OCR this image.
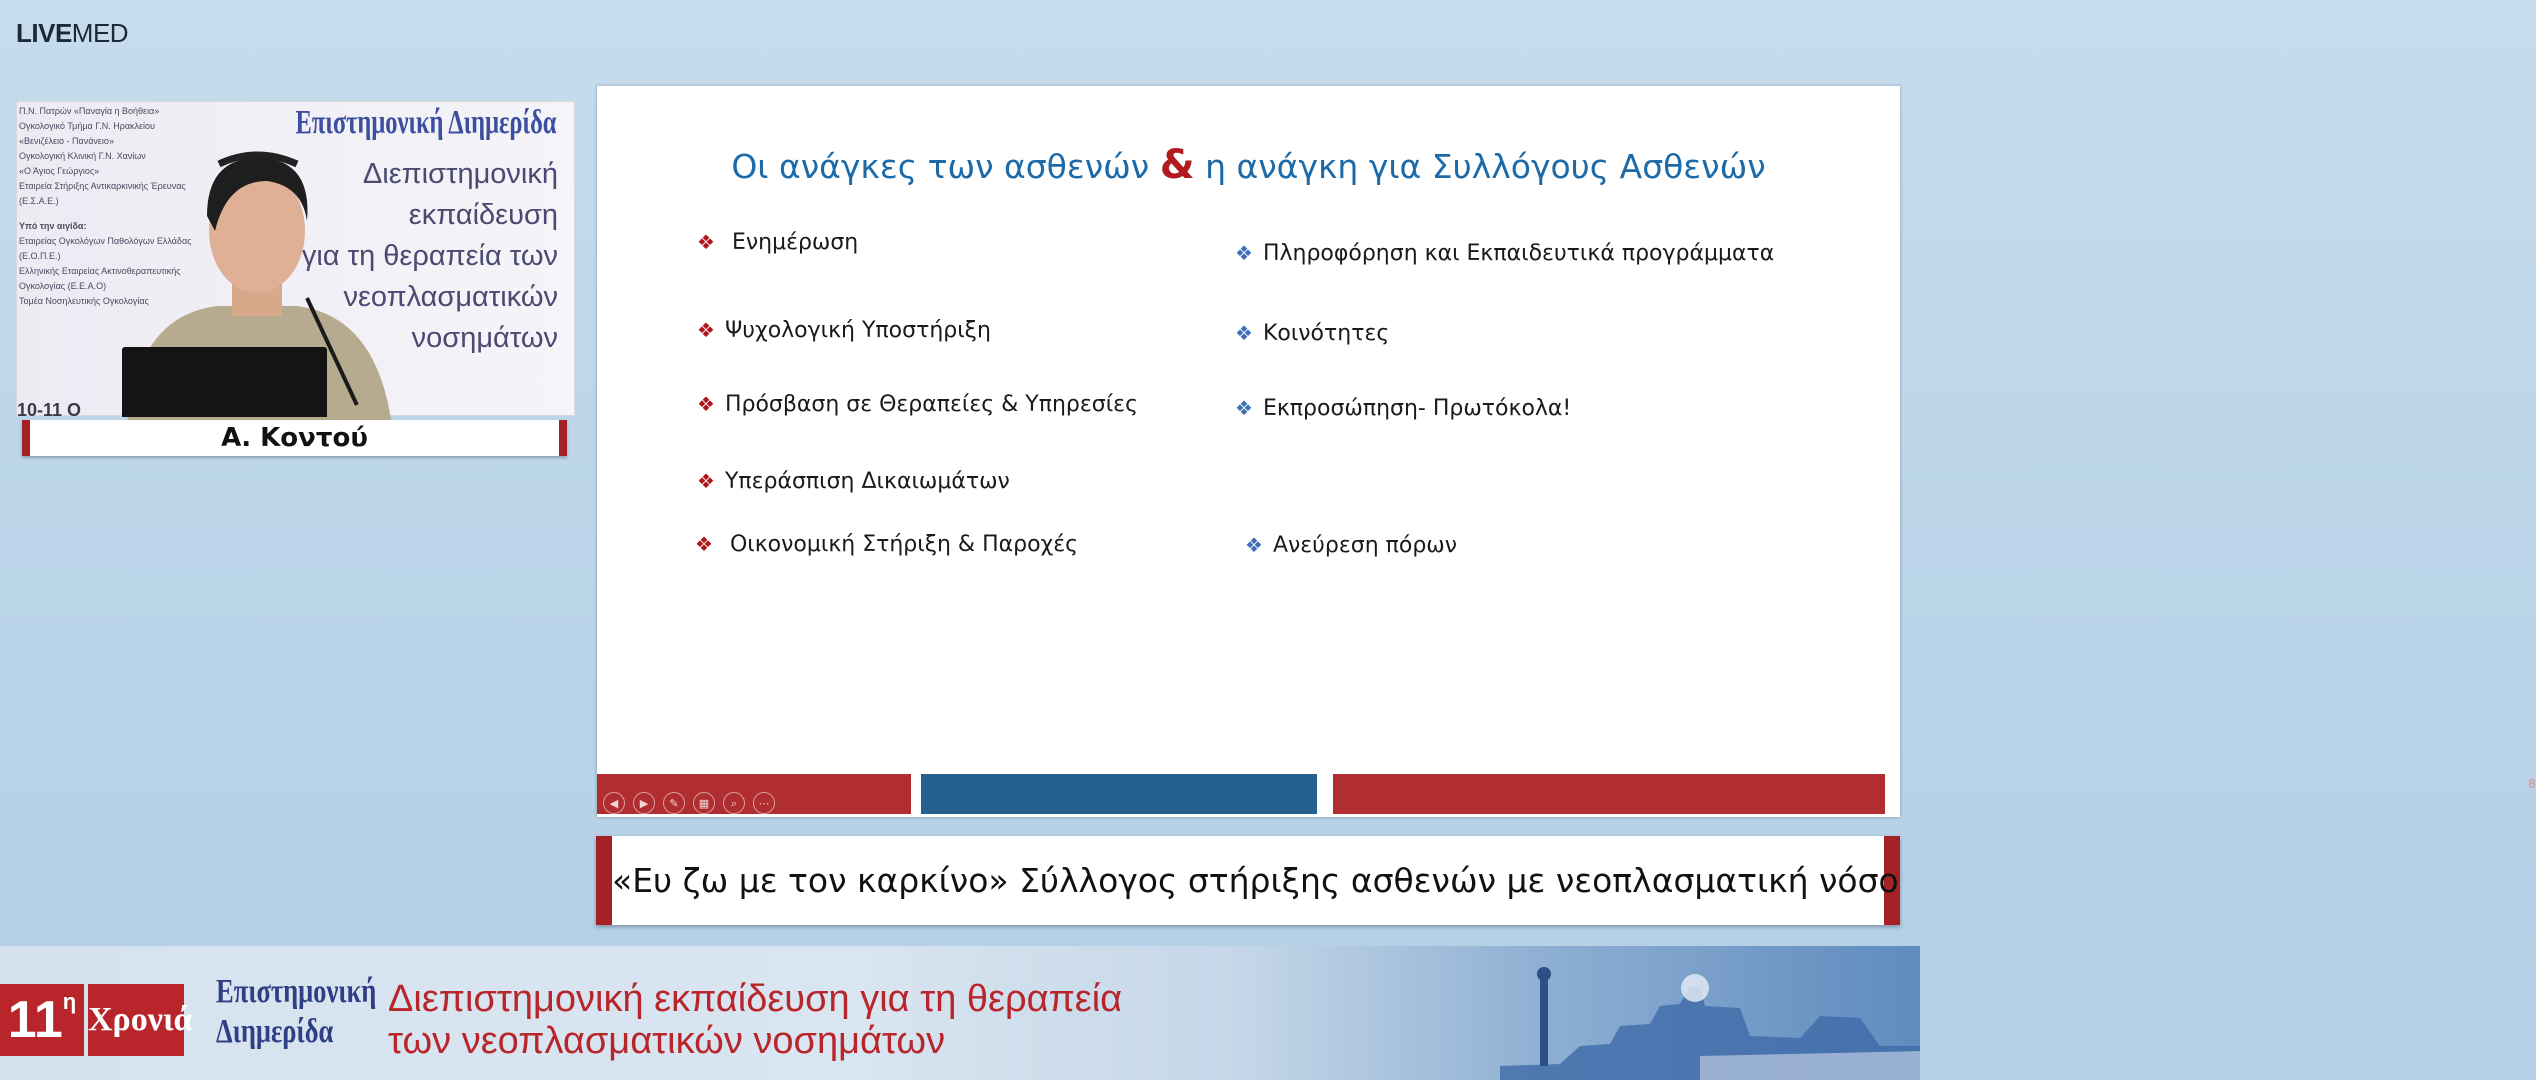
LIVEMED
Π.Ν. Πατρών «Παναγία η Βοήθεια»
Ογκολογικό Τμήμα Γ.Ν. Ηρακλείου
«Βενιζέλειο - Πανάνειο»
Ογκολογική Κλινική Γ.Ν. Χανίων
«Ο Άγιος Γεώργιος»
Εταιρεία Στήριξης Αντικαρκινικής Έρευνας
(Ε.Σ.Α.Ε.)
Υπό την αιγίδα:
Εταιρείας Ογκολόγων Παθολόγων Ελλάδας
(Ε.Ο.Π.Ε.)
Ελληνικής Εταιρείας Ακτινοθεραπευτικής
Ογκολογίας (Ε.Ε.Α.Ο)
Τομέα Νοσηλευτικής Ογκολογίας
Επιστημονική Διημερίδα
Διεπιστημονική
εκπαίδευση
για τη θεραπεία των
νεοπλασματικών
νοσημάτων
10-11 Ο
Α. Κοντού
Οι ανάγκες των ασθενών & η ανάγκη για Συλλόγους Ασθενών
❖ Ενημέρωση
❖ Ψυχολογική Υποστήριξη
❖ Πρόσβαση σε Θεραπείες & Υπηρεσίες
❖ Υπεράσπιση Δικαιωμάτων
❖ Οικονομική Στήριξη & Παροχές
❖ Πληροφόρηση και Εκπαιδευτικά προγράμματα
❖ Κοινότητες
❖ Εκπροσώπηση- Πρωτόκολα!
❖ Ανεύρεση πόρων
◀	▶	✎	▦	⌕	⋯
8
«Ευ ζω με τον καρκίνο» Σύλλογος στήριξης ασθενών με νεοπλασματική νόσο
$11^\eta$ Χρονιά
Επιστημονική
Διημερίδα
Διεπιστημονική εκπαίδευση για τη θεραπεία
των νεοπλασματικών νοσημάτων
